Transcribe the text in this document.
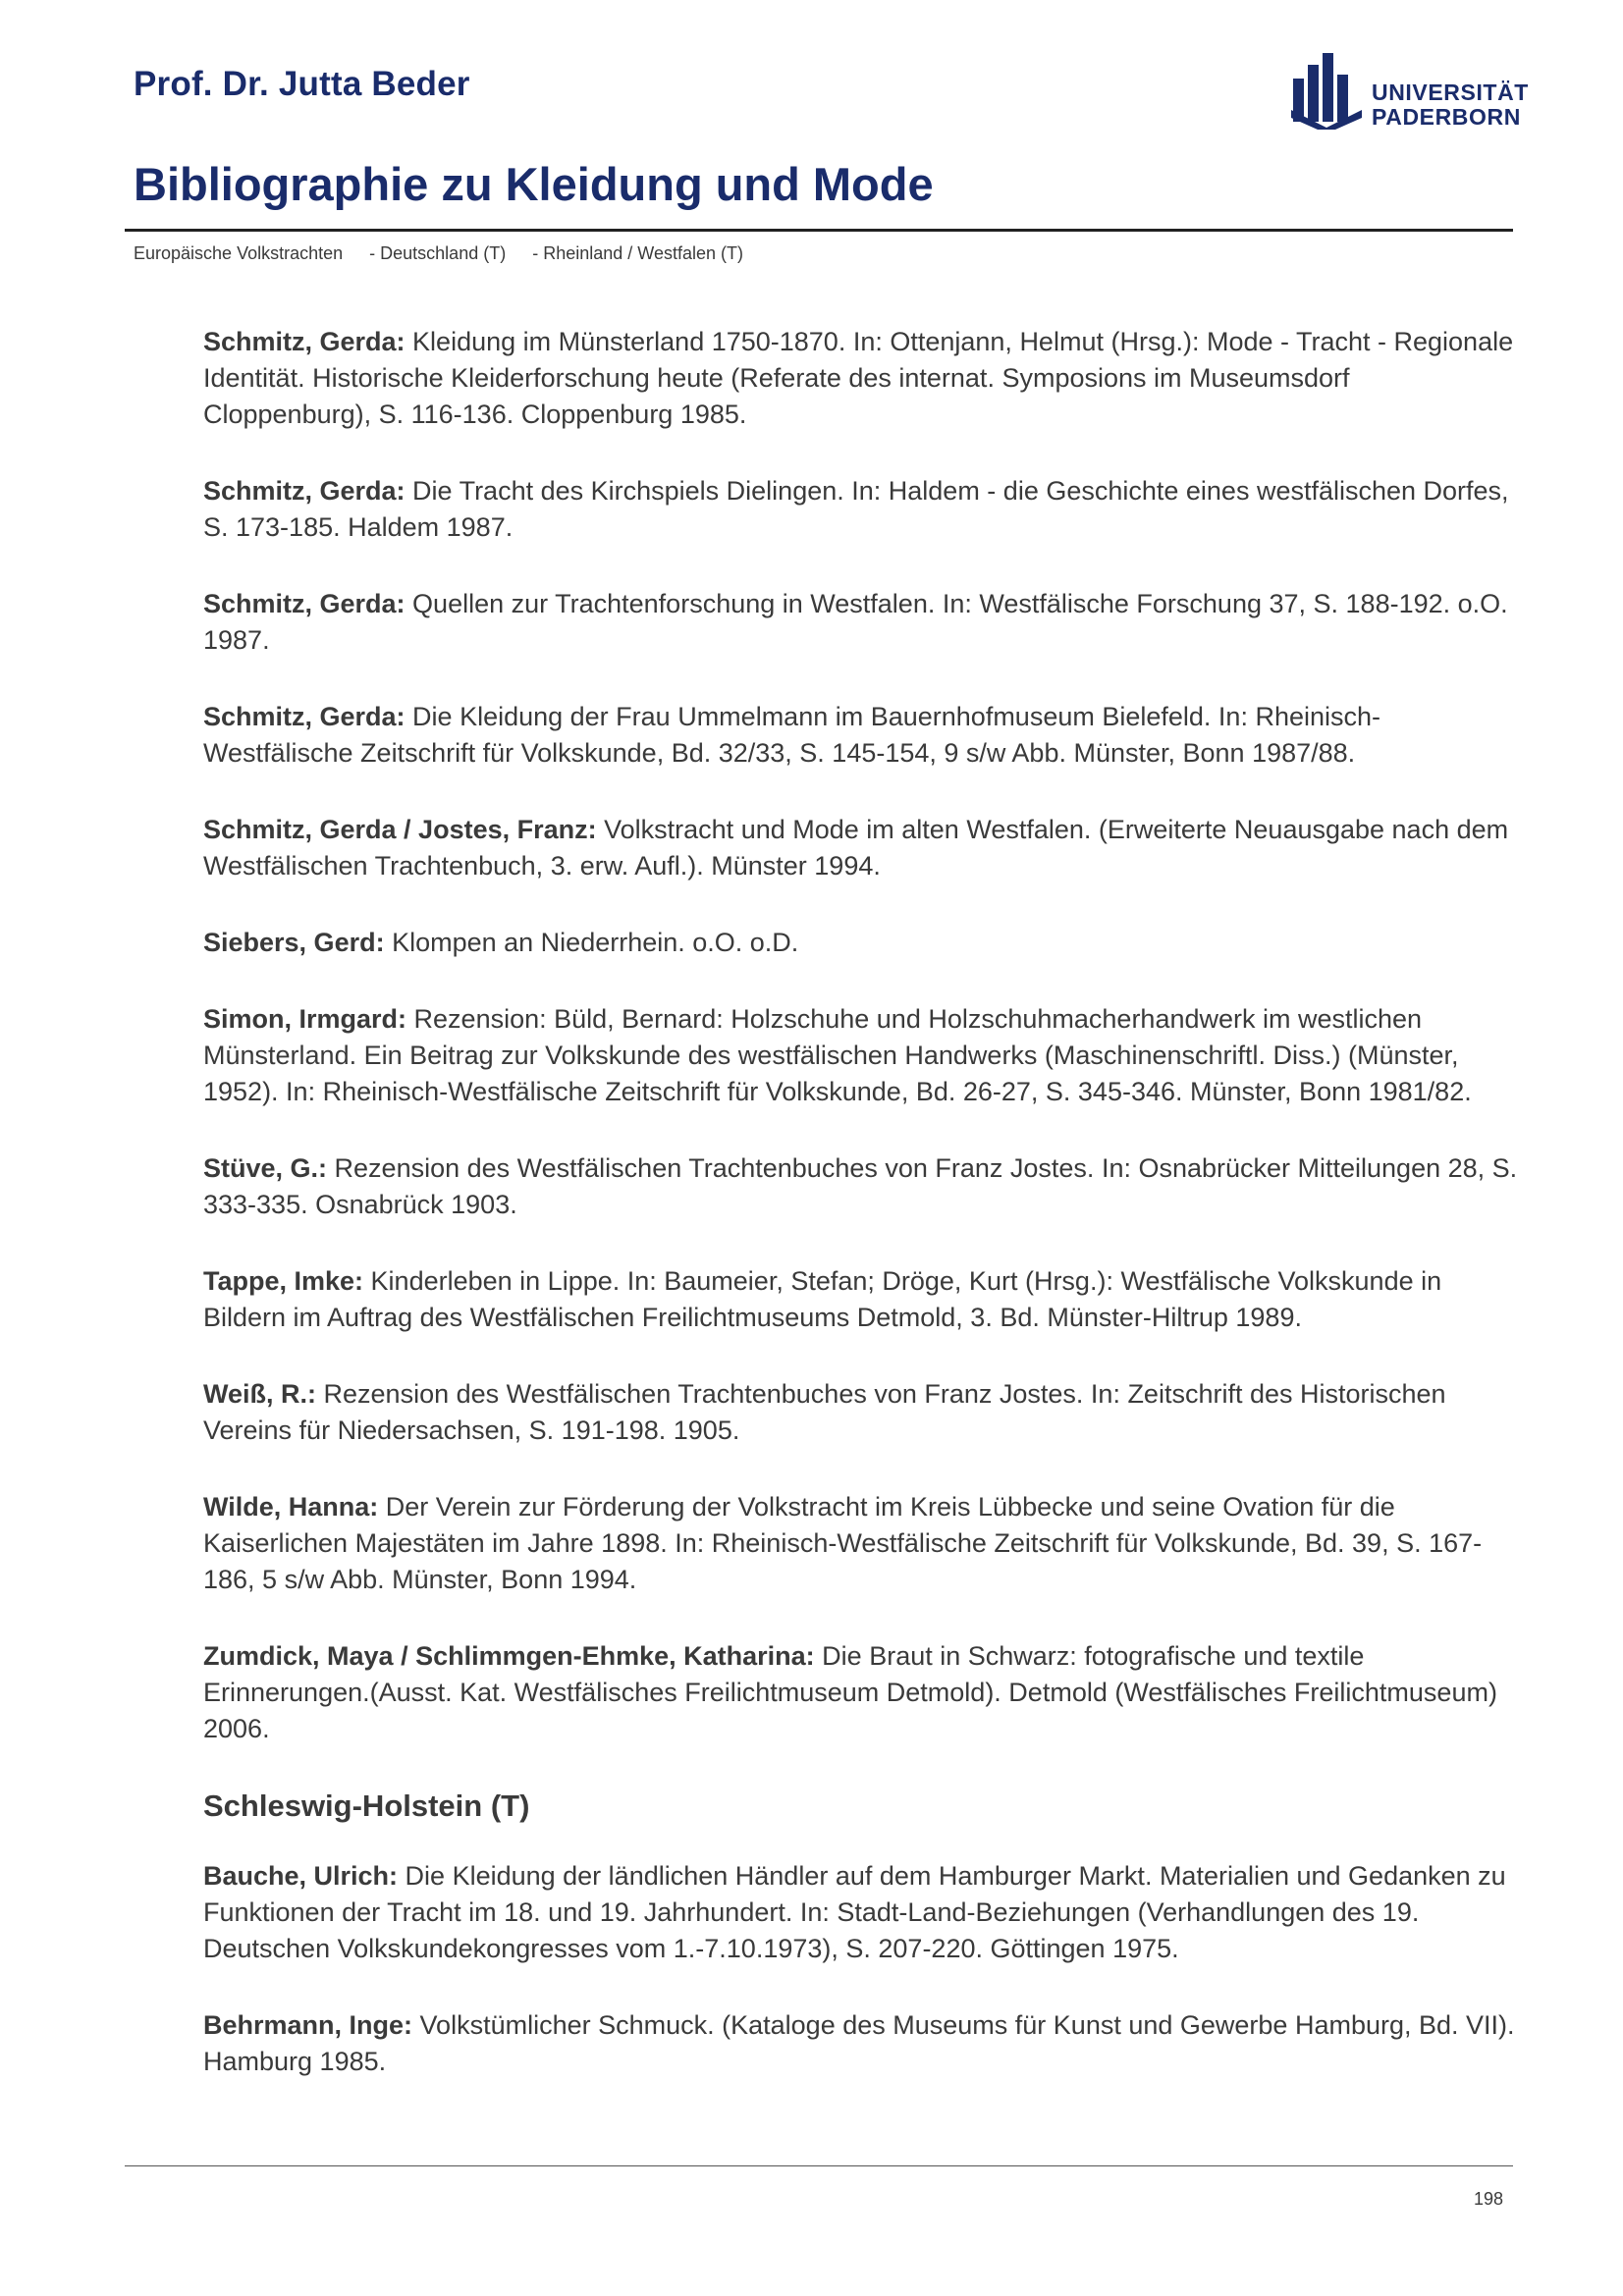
Prof. Dr. Jutta Beder	UNIVERSITÄT
PADERBORN
Bibliographie zu Kleidung und Mode
Europäische Volkstrachten - Deutschland (T) - Rheinland / Westfalen (T)

Schmitz, Gerda: Kleidung im Münsterland 1750-1870. In: Ottenjann, Helmut (Hrsg.): Mode - Tracht - Regionale Identität. Historische Kleiderforschung heute (Referate des internat. Symposions im Museumsdorf Cloppenburg), S. 116-136. Cloppenburg 1985.

Schmitz, Gerda: Die Tracht des Kirchspiels Dielingen. In: Haldem - die Geschichte eines westfälischen Dorfes, S. 173-185. Haldem 1987.

Schmitz, Gerda: Quellen zur Trachtenforschung in Westfalen. In: Westfälische Forschung 37, S. 188-192. o.O. 1987.

Schmitz, Gerda: Die Kleidung der Frau Ummelmann im Bauernhofmuseum Bielefeld. In: Rheinisch-Westfälische Zeitschrift für Volkskunde, Bd. 32/33, S. 145-154, 9 s/w Abb. Münster, Bonn 1987/88.

Schmitz, Gerda / Jostes, Franz: Volkstracht und Mode im alten Westfalen. (Erweiterte Neuausgabe nach dem Westfälischen Trachtenbuch, 3. erw. Aufl.). Münster 1994.

Siebers, Gerd: Klompen an Niederrhein. o.O. o.D.

Simon, Irmgard: Rezension: Büld, Bernard: Holzschuhe und Holzschuhmacherhandwerk im westlichen Münsterland. Ein Beitrag zur Volkskunde des westfälischen Handwerks (Maschinenschriftl. Diss.) (Münster, 1952). In: Rheinisch-Westfälische Zeitschrift für Volkskunde, Bd. 26-27, S. 345-346. Münster, Bonn 1981/82.

Stüve, G.: Rezension des Westfälischen Trachtenbuches von Franz Jostes. In: Osnabrücker Mitteilungen 28, S. 333-335. Osnabrück 1903.

Tappe, Imke: Kinderleben in Lippe. In: Baumeier, Stefan; Dröge, Kurt (Hrsg.): Westfälische Volkskunde in Bildern im Auftrag des Westfälischen Freilichtmuseums Detmold, 3. Bd. Münster-Hiltrup 1989.

Weiß, R.: Rezension des Westfälischen Trachtenbuches von Franz Jostes. In: Zeitschrift des Historischen Vereins für Niedersachsen, S. 191-198. 1905.

Wilde, Hanna: Der Verein zur Förderung der Volkstracht im Kreis Lübbecke und seine Ovation für die Kaiserlichen Majestäten im Jahre 1898. In: Rheinisch-Westfälische Zeitschrift für Volkskunde, Bd. 39, S. 167-186, 5 s/w Abb. Münster, Bonn 1994.

Zumdick, Maya / Schlimmgen-Ehmke, Katharina: Die Braut in Schwarz: fotografische und textile Erinnerungen.(Ausst. Kat. Westfälisches Freilichtmuseum Detmold). Detmold (Westfälisches Freilichtmuseum) 2006.

Schleswig-Holstein (T)

Bauche, Ulrich: Die Kleidung der ländlichen Händler auf dem Hamburger Markt. Materialien und Gedanken zu Funktionen der Tracht im 18. und 19. Jahrhundert. In: Stadt-Land-Beziehungen (Verhandlungen des 19. Deutschen Volkskundekongresses vom 1.-7.10.1973), S. 207-220. Göttingen 1975.

Behrmann, Inge: Volkstümlicher Schmuck. (Kataloge des Museums für Kunst und Gewerbe Hamburg, Bd. VII). Hamburg 1985.

198
